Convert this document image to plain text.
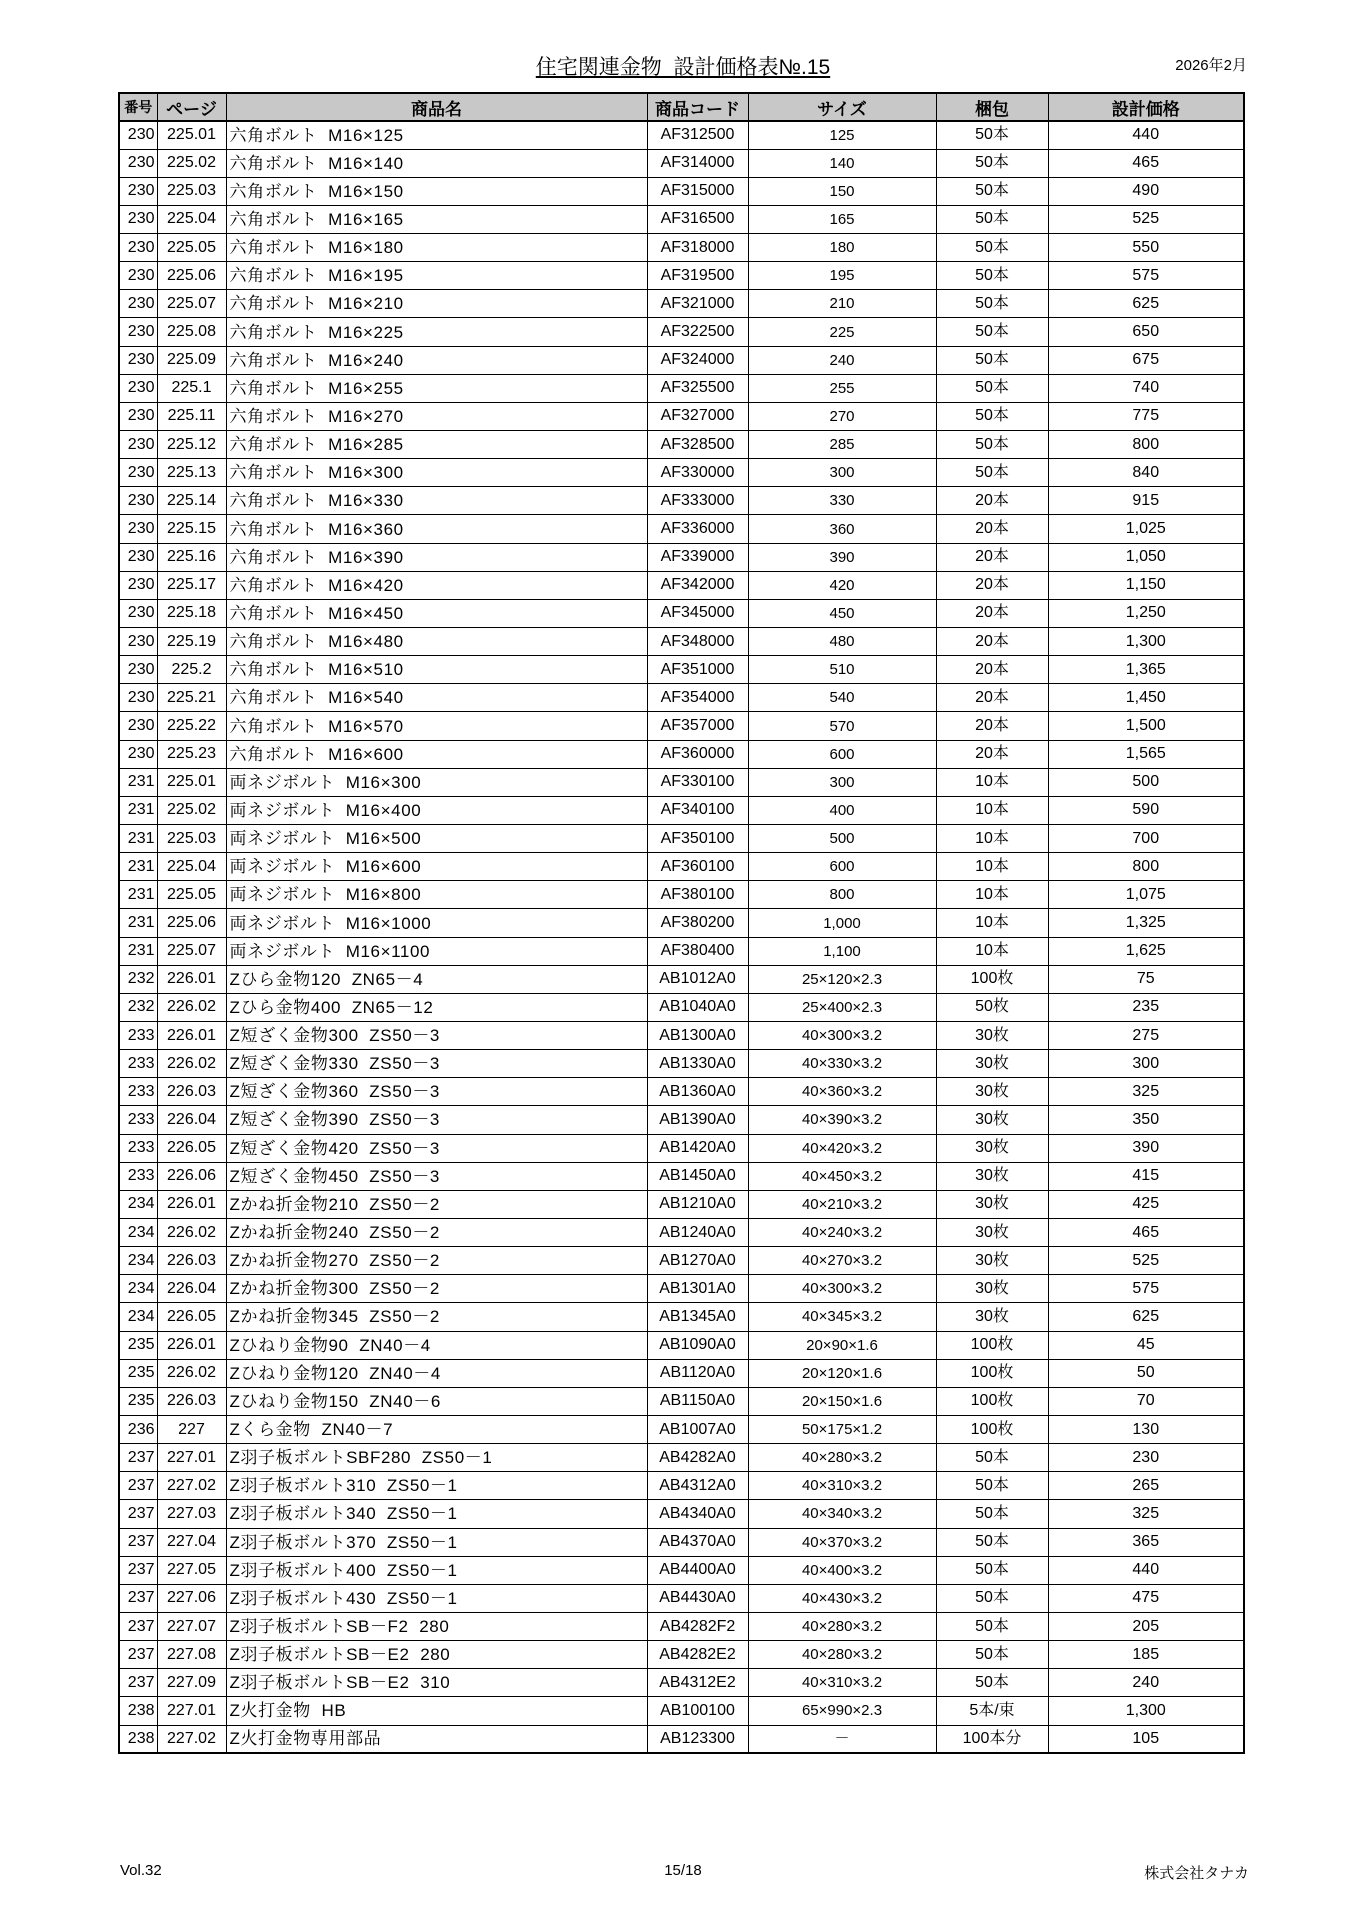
住宅関連金物  設計価格表№.15	2026年2月
番号	ページ	商品名	商品コード	サイズ	梱包	設計価格
230	225.01	六角ボルト  M16×125	AF312500	125	50本	440
230	225.02	六角ボルト  M16×140	AF314000	140	50本	465
230	225.03	六角ボルト  M16×150	AF315000	150	50本	490
230	225.04	六角ボルト  M16×165	AF316500	165	50本	525
230	225.05	六角ボルト  M16×180	AF318000	180	50本	550
230	225.06	六角ボルト  M16×195	AF319500	195	50本	575
230	225.07	六角ボルト  M16×210	AF321000	210	50本	625
230	225.08	六角ボルト  M16×225	AF322500	225	50本	650
230	225.09	六角ボルト  M16×240	AF324000	240	50本	675
230	225.1	六角ボルト  M16×255	AF325500	255	50本	740
230	225.11	六角ボルト  M16×270	AF327000	270	50本	775
230	225.12	六角ボルト  M16×285	AF328500	285	50本	800
230	225.13	六角ボルト  M16×300	AF330000	300	50本	840
230	225.14	六角ボルト  M16×330	AF333000	330	20本	915
230	225.15	六角ボルト  M16×360	AF336000	360	20本	1,025
230	225.16	六角ボルト  M16×390	AF339000	390	20本	1,050
230	225.17	六角ボルト  M16×420	AF342000	420	20本	1,150
230	225.18	六角ボルト  M16×450	AF345000	450	20本	1,250
230	225.19	六角ボルト  M16×480	AF348000	480	20本	1,300
230	225.2	六角ボルト  M16×510	AF351000	510	20本	1,365
230	225.21	六角ボルト  M16×540	AF354000	540	20本	1,450
230	225.22	六角ボルト  M16×570	AF357000	570	20本	1,500
230	225.23	六角ボルト  M16×600	AF360000	600	20本	1,565
231	225.01	両ネジボルト  M16×300	AF330100	300	10本	500
231	225.02	両ネジボルト  M16×400	AF340100	400	10本	590
231	225.03	両ネジボルト  M16×500	AF350100	500	10本	700
231	225.04	両ネジボルト  M16×600	AF360100	600	10本	800
231	225.05	両ネジボルト  M16×800	AF380100	800	10本	1,075
231	225.06	両ネジボルト  M16×1000	AF380200	1,000	10本	1,325
231	225.07	両ネジボルト  M16×1100	AF380400	1,100	10本	1,625
232	226.01	Zひら金物120  ZN65－4	AB1012A0	25×120×2.3	100枚	75
232	226.02	Zひら金物400  ZN65－12	AB1040A0	25×400×2.3	50枚	235
233	226.01	Z短ざく金物300  ZS50－3	AB1300A0	40×300×3.2	30枚	275
233	226.02	Z短ざく金物330  ZS50－3	AB1330A0	40×330×3.2	30枚	300
233	226.03	Z短ざく金物360  ZS50－3	AB1360A0	40×360×3.2	30枚	325
233	226.04	Z短ざく金物390  ZS50－3	AB1390A0	40×390×3.2	30枚	350
233	226.05	Z短ざく金物420  ZS50－3	AB1420A0	40×420×3.2	30枚	390
233	226.06	Z短ざく金物450  ZS50－3	AB1450A0	40×450×3.2	30枚	415
234	226.01	Zかね折金物210  ZS50－2	AB1210A0	40×210×3.2	30枚	425
234	226.02	Zかね折金物240  ZS50－2	AB1240A0	40×240×3.2	30枚	465
234	226.03	Zかね折金物270  ZS50－2	AB1270A0	40×270×3.2	30枚	525
234	226.04	Zかね折金物300  ZS50－2	AB1301A0	40×300×3.2	30枚	575
234	226.05	Zかね折金物345  ZS50－2	AB1345A0	40×345×3.2	30枚	625
235	226.01	Zひねり金物90  ZN40－4	AB1090A0	20×90×1.6	100枚	45
235	226.02	Zひねり金物120  ZN40－4	AB1120A0	20×120×1.6	100枚	50
235	226.03	Zひねり金物150  ZN40－6	AB1150A0	20×150×1.6	100枚	70
236	227	Zくら金物  ZN40－7	AB1007A0	50×175×1.2	100枚	130
237	227.01	Z羽子板ボルトSBF280  ZS50－1	AB4282A0	40×280×3.2	50本	230
237	227.02	Z羽子板ボルト310  ZS50－1	AB4312A0	40×310×3.2	50本	265
237	227.03	Z羽子板ボルト340  ZS50－1	AB4340A0	40×340×3.2	50本	325
237	227.04	Z羽子板ボルト370  ZS50－1	AB4370A0	40×370×3.2	50本	365
237	227.05	Z羽子板ボルト400  ZS50－1	AB4400A0	40×400×3.2	50本	440
237	227.06	Z羽子板ボルト430  ZS50－1	AB4430A0	40×430×3.2	50本	475
237	227.07	Z羽子板ボルトSB－F2  280	AB4282F2	40×280×3.2	50本	205
237	227.08	Z羽子板ボルトSB－E2  280	AB4282E2	40×280×3.2	50本	185
237	227.09	Z羽子板ボルトSB－E2  310	AB4312E2	40×310×3.2	50本	240
238	227.01	Z火打金物  HB	AB100100	65×990×2.3	5本/束	1,300
238	227.02	Z火打金物専用部品	AB123300	－	100本分	105
Vol.32	15/18	株式会社タナカ
